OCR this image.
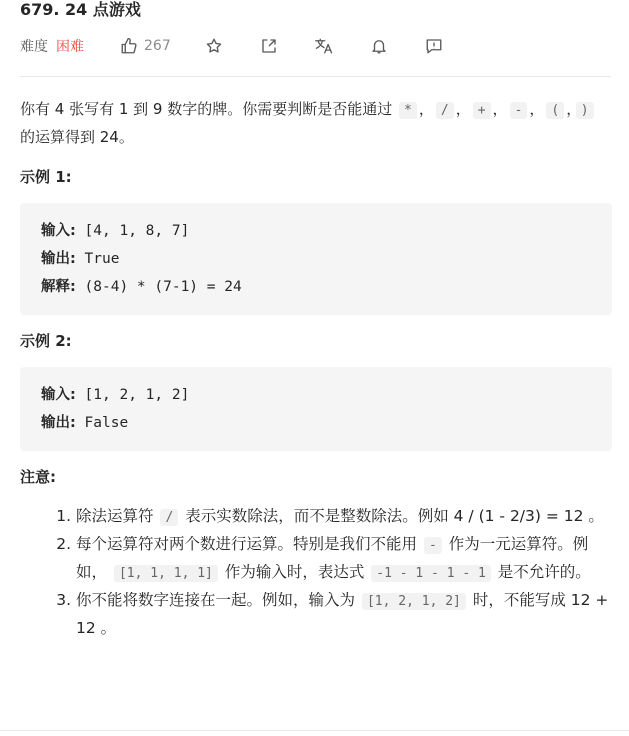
679. 24 点游戏
难度 困难	267

你有 4 张写有 1 到 9 数字的牌。你需要判断是否能通过 * ， / ， + ， - ， ( ， ) 的运算得到 24。

示例 1:
输入: [4, 1, 8, 7]
输出: True
解释: (8-4) * (7-1) = 24
示例 2:
输入: [1, 2, 1, 2]
输出: False
注意:
1. 除法运算符 / 表示实数除法，而不是整数除法。例如 4 / (1 - 2/3) = 12 。
2. 每个运算符对两个数进行运算。特别是我们不能用 - 作为一元运算符。例如， [1, 1, 1, 1] 作为输入时，表达式 -1 - 1 - 1 - 1 是不允许的。
3. 你不能将数字连接在一起。例如，输入为 [1, 2, 1, 2] 时，不能写成 12 + 12 。
